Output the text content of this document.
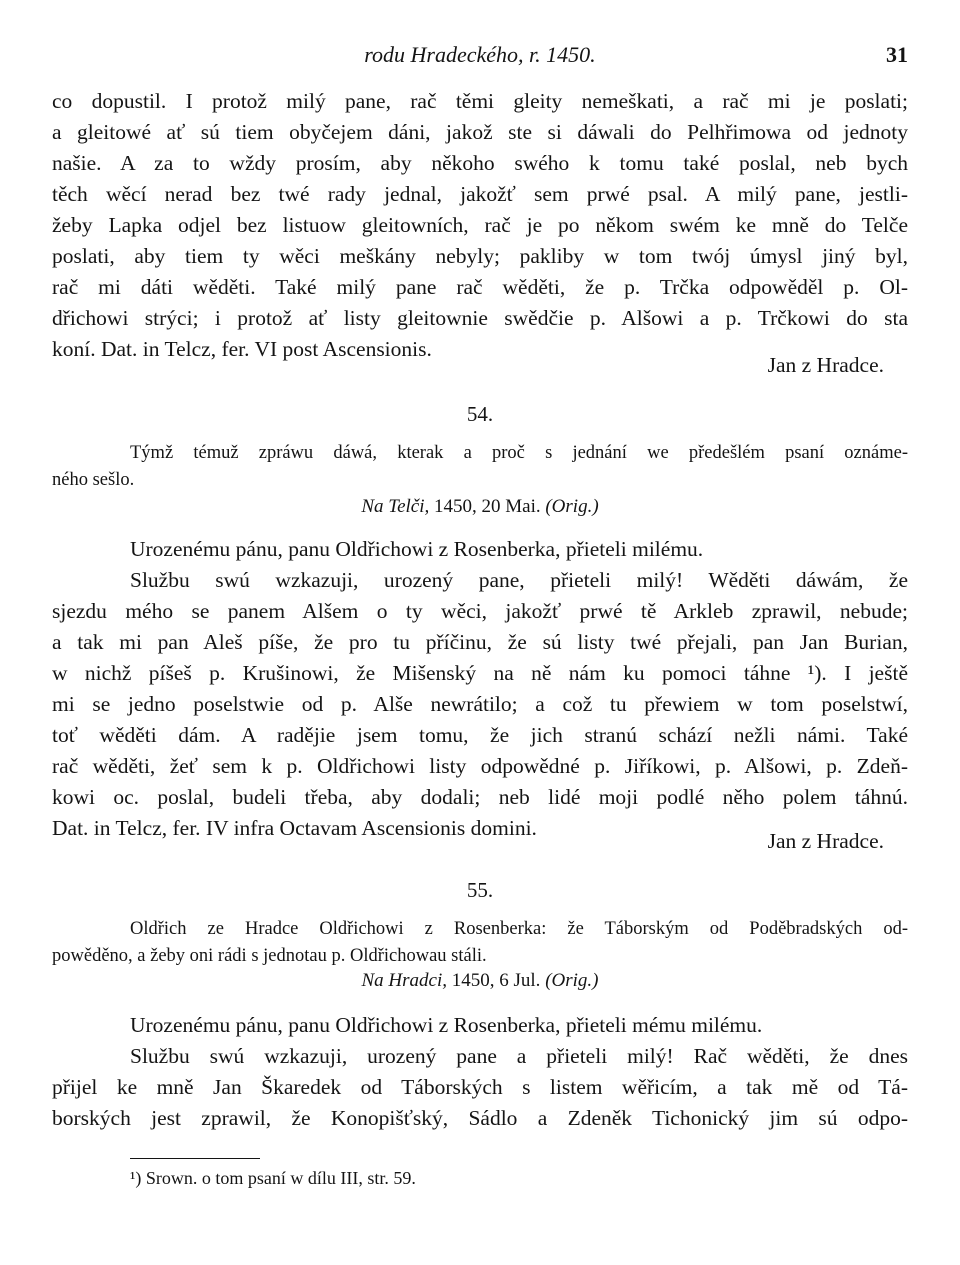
rodu Hradeckého, r. 1450.	31
co dopustil. I protož milý pane, rač těmi gleity nemeškati, a rač mi je poslati;
a gleitowé ať sú tiem obyčejem dáni, jakož ste si dáwali do Pelhřimowa od jednoty
našie. A za to wždy prosím, aby někoho swého k tomu také poslal, neb bych
těch wěcí nerad bez twé rady jednal, jakožť sem prwé psal. A milý pane, jestli-
žeby Lapka odjel bez listuow gleitowních, rač je po někom swém ke mně do Telče
poslati, aby tiem ty wěci meškány nebyly; pakliby w tom twój úmysl jiný byl,
rač mi dáti wěděti. Také milý pane rač wěděti, že p. Trčka odpowěděl p. Ol-
dřichowi strýci; i protož ať listy gleitownie swědčie p. Alšowi a p. Trčkowi do sta
koní. Dat. in Telcz, fer. VI post Ascensionis.
Jan z Hradce.
54.
Týmž témuž zpráwu dáwá, kterak a proč s jednání we předešlém psaní oznáme-
ného sešlo.
Na Telči, 1450, 20 Mai. (Orig.)
Urozenému pánu, panu Oldřichowi z Rosenberka, přieteli milému.
Službu swú wzkazuji, urozený pane, přieteli milý! Wěděti dáwám, že
sjezdu mého se panem Alšem o ty wěci, jakožť prwé tě Arkleb zprawil, nebude;
a tak mi pan Aleš píše, že pro tu příčinu, že sú listy twé přejali, pan Jan Burian,
w nichž píšeš p. Krušinowi, že Mišenský na ně nám ku pomoci táhne ¹). I ještě
mi se jedno poselstwie od p. Alše newrátilo; a což tu přewiem w tom poselstwí,
toť wěděti dám. A radějie jsem tomu, že jich stranú schází nežli námi. Také
rač wěděti, žeť sem k p. Oldřichowi listy odpowědné p. Jiříkowi, p. Alšowi, p. Zdeň-
kowi oc. poslal, budeli třeba, aby dodali; neb lidé moji podlé něho polem táhnú.
Dat. in Telcz, fer. IV infra Octavam Ascensionis domini.
Jan z Hradce.
55.
Oldřich ze Hradce Oldřichowi z Rosenberka: že Táborským od Poděbradských od-
powěděno, a žeby oni rádi s jednotau p. Oldřichowau stáli.
Na Hradci, 1450, 6 Jul. (Orig.)
Urozenému pánu, panu Oldřichowi z Rosenberka, přieteli mému milému.
Službu swú wzkazuji, urozený pane a přieteli milý! Rač wěděti, že dnes
přijel ke mně Jan Škaredek od Táborských s listem wěřicím, a tak mě od Tá-
borských jest zprawil, že Konopišťský, Sádlo a Zdeněk Tichonický jim sú odpo-
¹) Srown. o tom psaní w dílu III, str. 59.
